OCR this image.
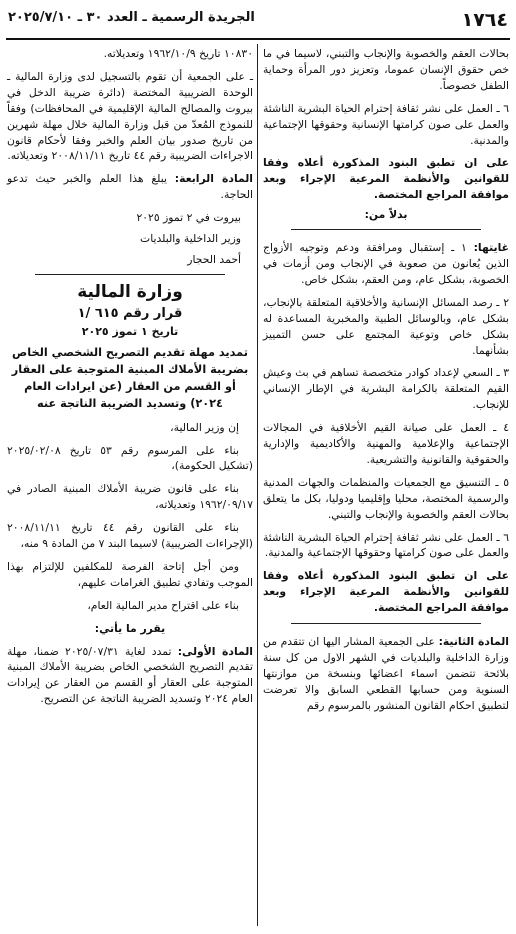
١٧٦٤
الجريدة الرسمية ـ العدد ٣٠ ـ ٢٠٢٥/٧/١٠

بحالات العقم والخصوبة والإنجاب والتبني، لاسيما في ما خص حقوق الإنسان عموما، وتعزيز دور المرأة وحماية الطفل خصوصاً.

٦ ـ العمل على نشر ثقافة إحترام الحياة البشرية الناشئة والعمل على صون كرامتها الإنسانية وحقوقها الإجتماعية والمدنية.

على ان تطبق البنود المذكورة أعلاه وفقا للقوانين والأنظمة المرعية الإجراء وبعد موافقة المراجع المختصة.

بدلاً من:

غايتها: ١ ـ إستقبال ومرافقة ودعم وتوجيه الأزواج الذين يُعانون من صعوبة في الإنجاب ومن أزمات في الخصوبة، بشكل عام، ومن العقم، بشكل خاص.

٢ ـ رصد المسائل الإنسانية والأخلاقية المتعلقة بالإنجاب، بشكل عام، وبالوسائل الطبية والمخبرية المساعدة له بشكل خاص وتوعية المجتمع على حسن التمييز بشأنهما.

٣ ـ السعي لإعداد كوادر متخصصة تساهم في بث وعيش القيم المتعلقة بالكرامة البشرية في الإطار الإنساني للإنجاب.

٤ ـ العمل على صيانة القيم الأخلاقية في المجالات الإجتماعية والإعلامية والمهنية والأكاديمية والإدارية والحقوقية والقانونية والتشريعية.

٥ ـ التنسيق مع الجمعيات والمنظمات والجهات المدنية والرسمية المختصة، محليا وإقليميا ودوليا، بكل ما يتعلق بحالات العقم والخصوبة والإنجاب والتبني.

٦ ـ العمل على نشر ثقافة إحترام الحياة البشرية الناشئة والعمل على صون كرامتها وحقوقها الإجتماعية والمدنية.

على ان تطبق البنود المذكورة أعلاه وفقا للقوانين والأنظمة المرعية الإجراء وبعد موافقة المراجع المختصة.

المادة الثانية: على الجمعية المشار اليها ان تتقدم من وزارة الداخلية والبلديات في الشهر الاول من كل سنة بلائحة تتضمن اسماء اعضائها وبنسخة من موازنتها السنوية ومن حسابها القطعي السابق والا تعرضت لتطبيق احكام القانون المنشور بالمرسوم رقم

١٠٨٣٠ تاريخ ١٩٦٢/١٠/٩ وتعديلاته.

ـ على الجمعية أن تقوم بالتسجيل لدى وزارة المالية ـ الوحدة الضريبية المختصة (دائرة ضريبة الدخل في بيروت والمصالح المالية الإقليمية في المحافظات) وفقاً للنموذج المُعدّ من قبل وزارة المالية خلال مهلة شهرين من تاريخ صدور بيان العلم والخبر وفقا لأحكام قانون الاجراءات الضريبية رقم ٤٤ تاريخ ٢٠٠٨/١١/١١ وتعديلاته.

المادة الرابعة: يبلغ هذا العلم والخبر حيث تدعو الحاجة.

بيروت في ٢ تموز ٢٠٢٥

وزير الداخلية والبلديات

أحمد الحجار

وزارة المالية
قرار رقم ٦١٥ /١
تاريخ ١ تموز ٢٠٢٥
تمديد مهلة تقديم التصريح الشخصي الخاص بضريبة الأملاك المبنية المتوجبة على العقار أو القسم من العقار (عن ايرادات العام ٢٠٢٤) وتسديد الضريبة الناتجة عنه

إن وزير المالية،

بناء على المرسوم رقم ٥٣ تاريخ ٢٠٢٥/٠٢/٠٨ (تشكيل الحكومة)،

بناء على قانون ضريبة الأملاك المبنية الصادر في ١٩٦٢/٠٩/١٧ وتعديلاته،

بناء على القانون رقم ٤٤ تاريخ ٢٠٠٨/١١/١١ (الإجراءات الضريبية) لاسيما البند ٧ من المادة ٩ منه،

ومن أجل إتاحة الفرصة للمكلفين للإلتزام بهذا الموجب وتفادي تطبيق الغرامات عليهم،

بناء على اقتراح مدير المالية العام،

يقرر ما يأتي:

المادة الأولى: تمدد لغاية ٢٠٢٥/٠٧/٣١ ضمنا، مهلة تقديم التصريح الشخصي الخاص بضريبة الأملاك المبنية المتوجبة على العقار أو القسم من العقار عن إيرادات العام ٢٠٢٤ وتسديد الضريبة الناتجة عن التصريح.
